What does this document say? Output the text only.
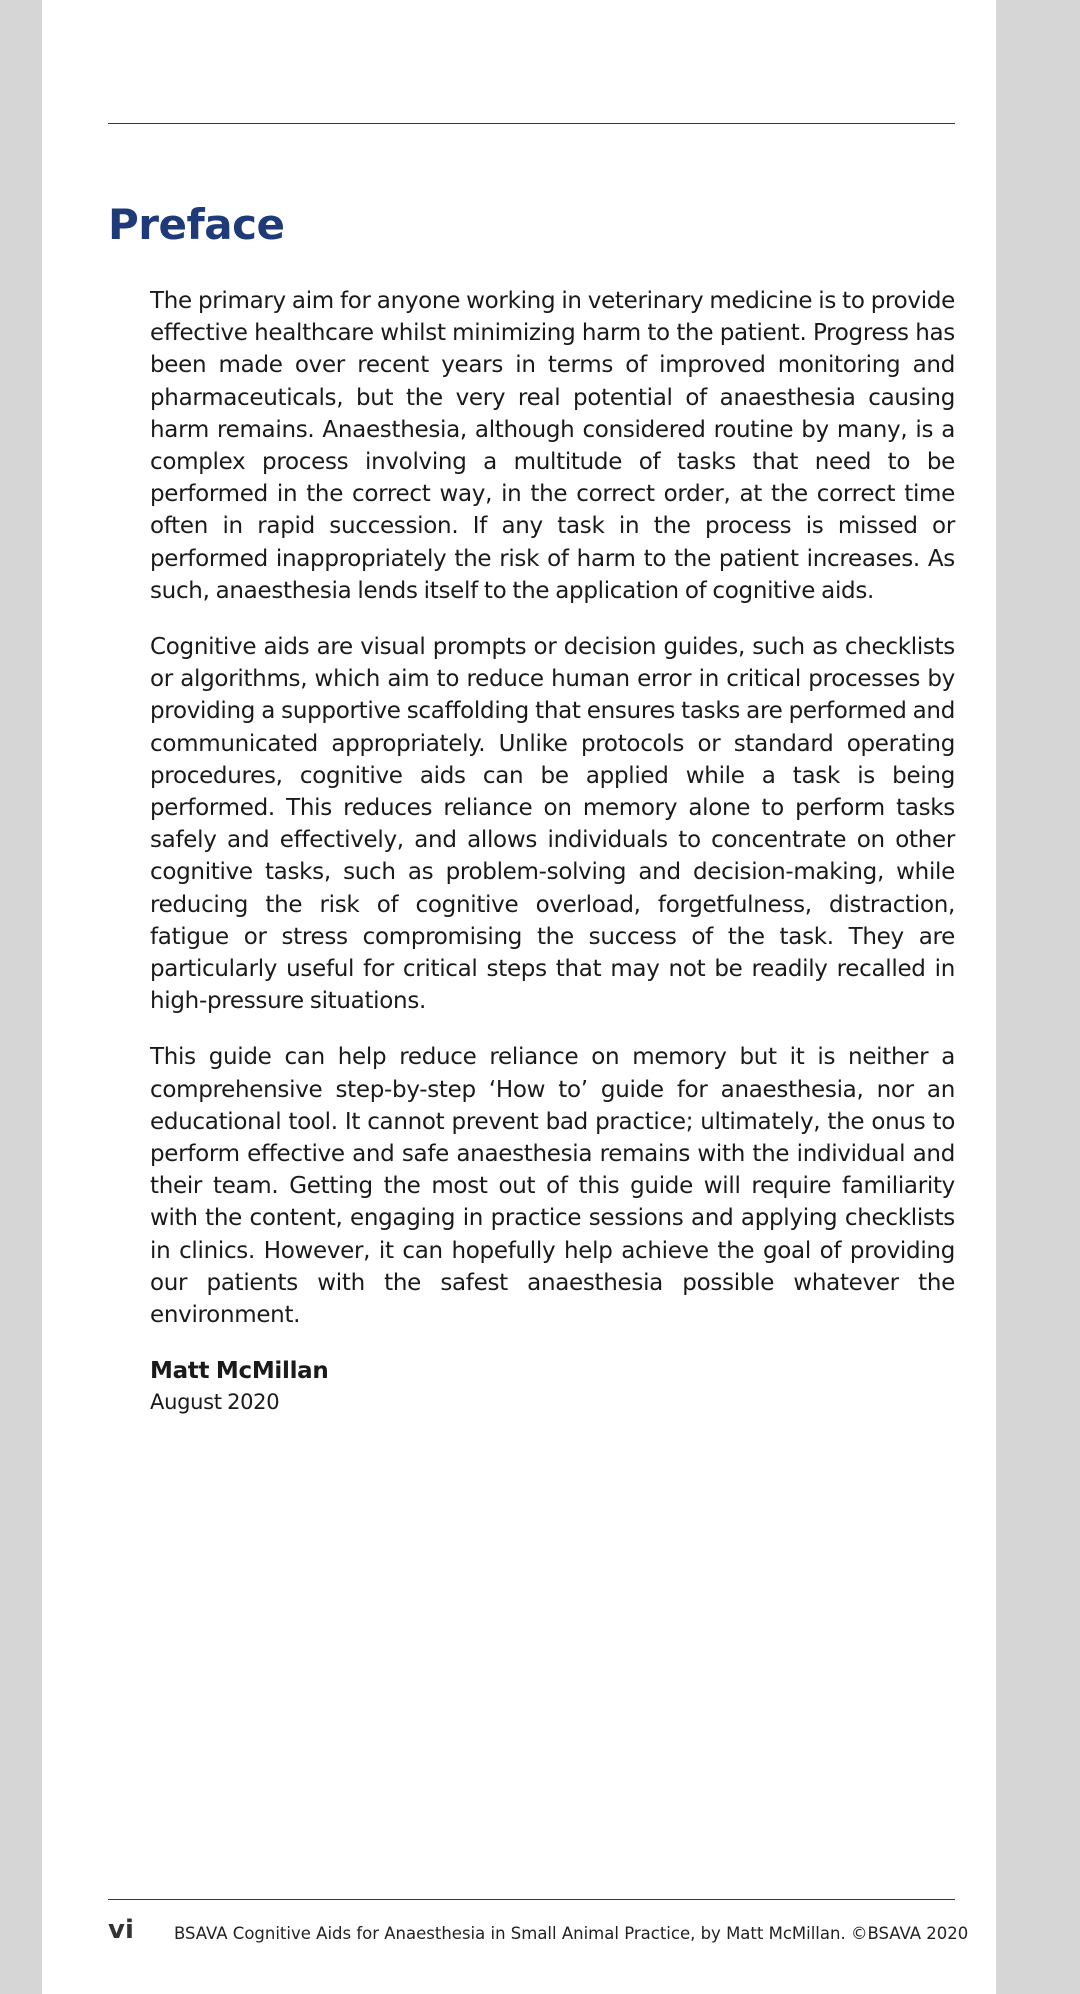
Preface

The primary aim for anyone working in veterinary medicine is to provide effective healthcare whilst minimizing harm to the patient. Progress has been made over recent years in terms of improved monitoring and pharmaceuticals, but the very real potential of anaesthesia causing harm remains. Anaesthesia, although considered routine by many, is a complex process involving a multitude of tasks that need to be performed in the correct way, in the correct order, at the correct time often in rapid succession. If any task in the process is missed or performed inappropriately the risk of harm to the patient increases. As such, anaesthesia lends itself to the application of cognitive aids.

Cognitive aids are visual prompts or decision guides, such as checklists or algorithms, which aim to reduce human error in critical processes by providing a supportive scaffolding that ensures tasks are performed and communicated appropriately. Unlike protocols or standard operating procedures, cognitive aids can be applied while a task is being performed. This reduces reliance on memory alone to perform tasks safely and effectively, and allows individuals to concentrate on other cognitive tasks, such as problem-solving and decision-making, while reducing the risk of cognitive overload, forgetfulness, distraction, fatigue or stress compromising the success of the task. They are particularly useful for critical steps that may not be readily recalled in high-pressure situations.

This guide can help reduce reliance on memory but it is neither a comprehensive step-by-step ‘How to’ guide for anaesthesia, nor an educational tool. It cannot prevent bad practice; ultimately, the onus to perform effective and safe anaesthesia remains with the individual and their team. Getting the most out of this guide will require familiarity with the content, engaging in practice sessions and applying checklists in clinics. However, it can hopefully help achieve the goal of providing our patients with the safest anaesthesia possible whatever the environment.

Matt McMillan
August 2020
vi BSAVA Cognitive Aids for Anaesthesia in Small Animal Practice, by Matt McMillan. ©BSAVA 2020
